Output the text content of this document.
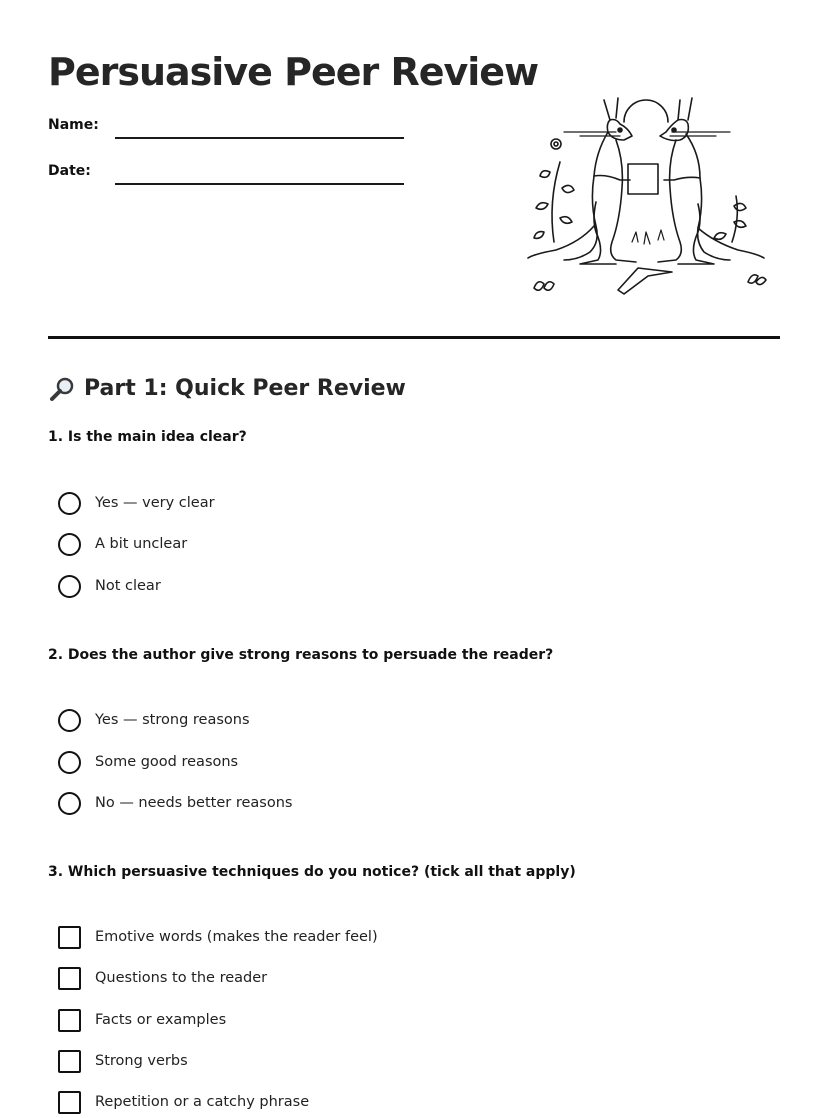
Persuasive Peer Review
Name:
Date:
Part 1: Quick Peer Review

1. Is the main idea clear?

Yes — very clear
A bit unclear
Not clear

2. Does the author give strong reasons to persuade the reader?

Yes — strong reasons
Some good reasons
No — needs better reasons

3. Which persuasive techniques do you notice? (tick all that apply)

Emotive words (makes the reader feel)
Questions to the reader
Facts or examples
Strong verbs
Repetition or a catchy phrase
